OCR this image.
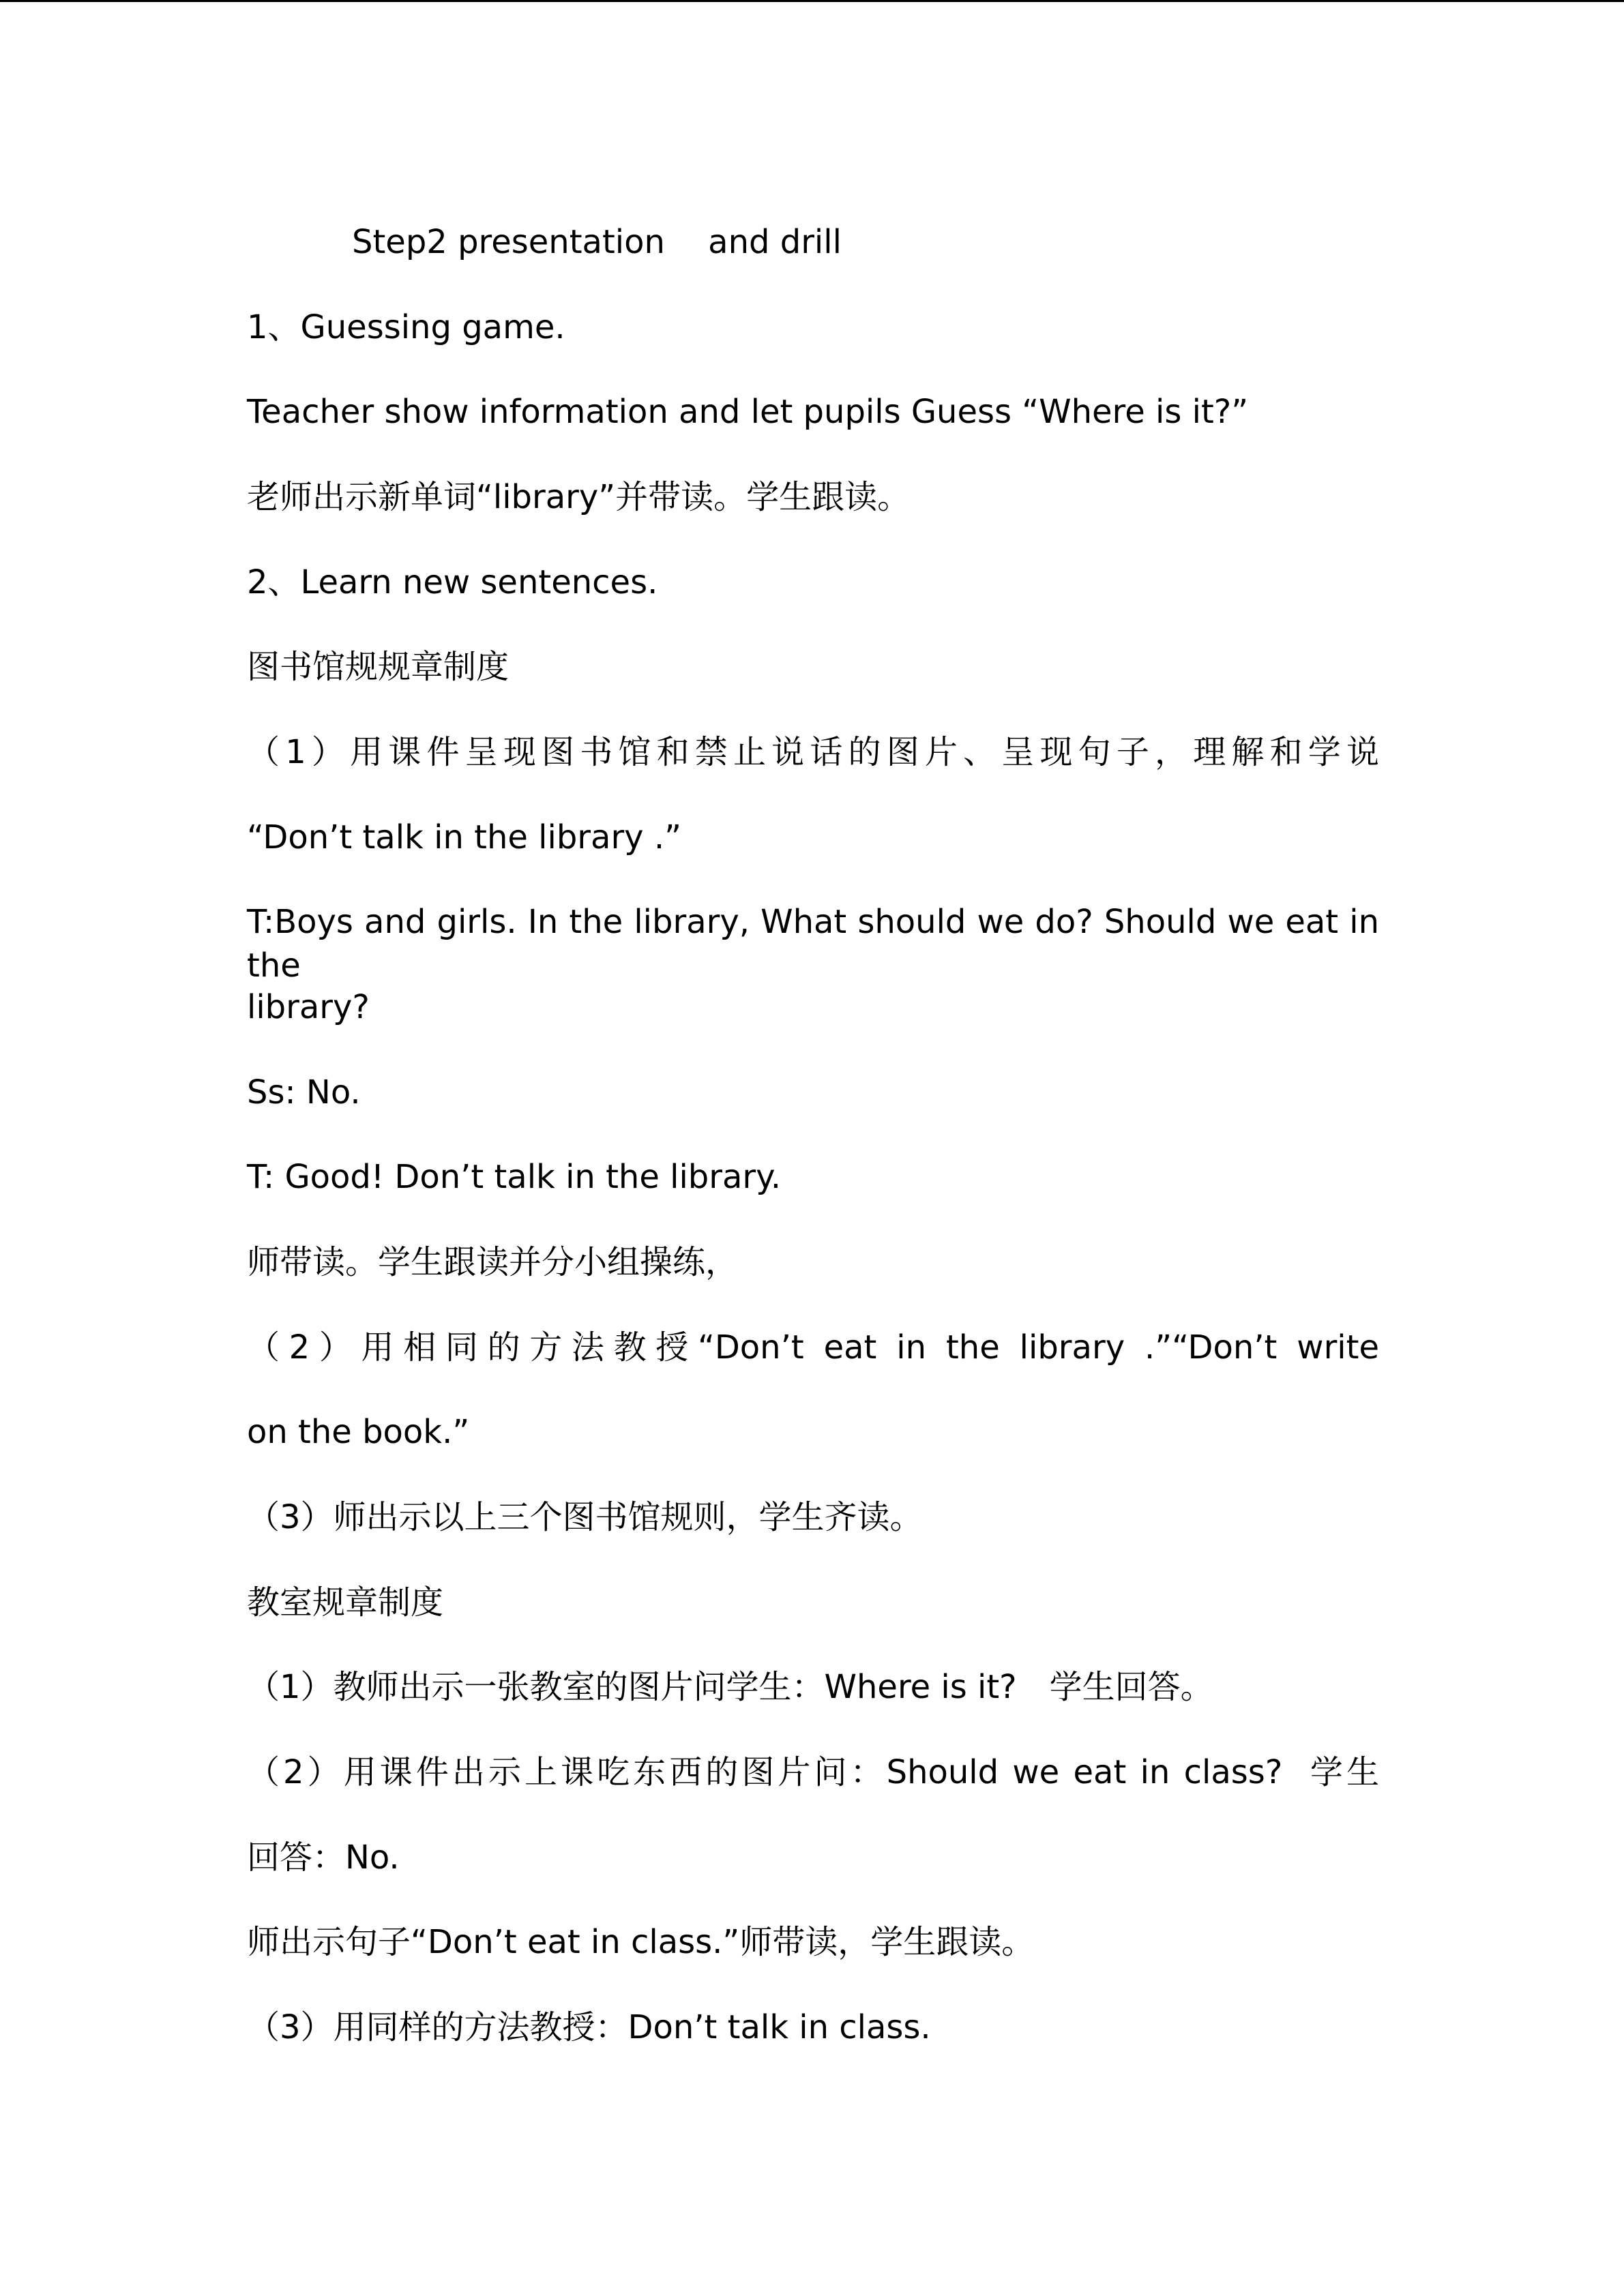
Step2 presentation　 and drill
1、Guessing game.
Teacher show information and let pupils Guess “Where is it?”
老师出示新单词“library”并带读。学生跟读。
2、Learn new sentences.
图书馆规规章制度
（1）用课件呈现图书馆和禁止说话的图片、呈现句子，理解和学说
“Don’t talk in the library .”
T:Boys and girls. In the library, What should we do? Should we eat in the
library?
Ss: No.
T: Good! Don’t talk in the library.
师带读。学生跟读并分小组操练，
（2）用相同的方法教授“Don’t eat in the library .”“Don’t write
on the book.”
（3）师出示以上三个图书馆规则，学生齐读。
教室规章制度
（1）教师出示一张教室的图片问学生：Where is it?　学生回答。
（2）用课件出示上课吃东西的图片问：Should we eat in class?  学生
回答：No.
师出示句子“Don’t eat in class.”师带读，学生跟读。
（3）用同样的方法教授：Don’t talk in class.
